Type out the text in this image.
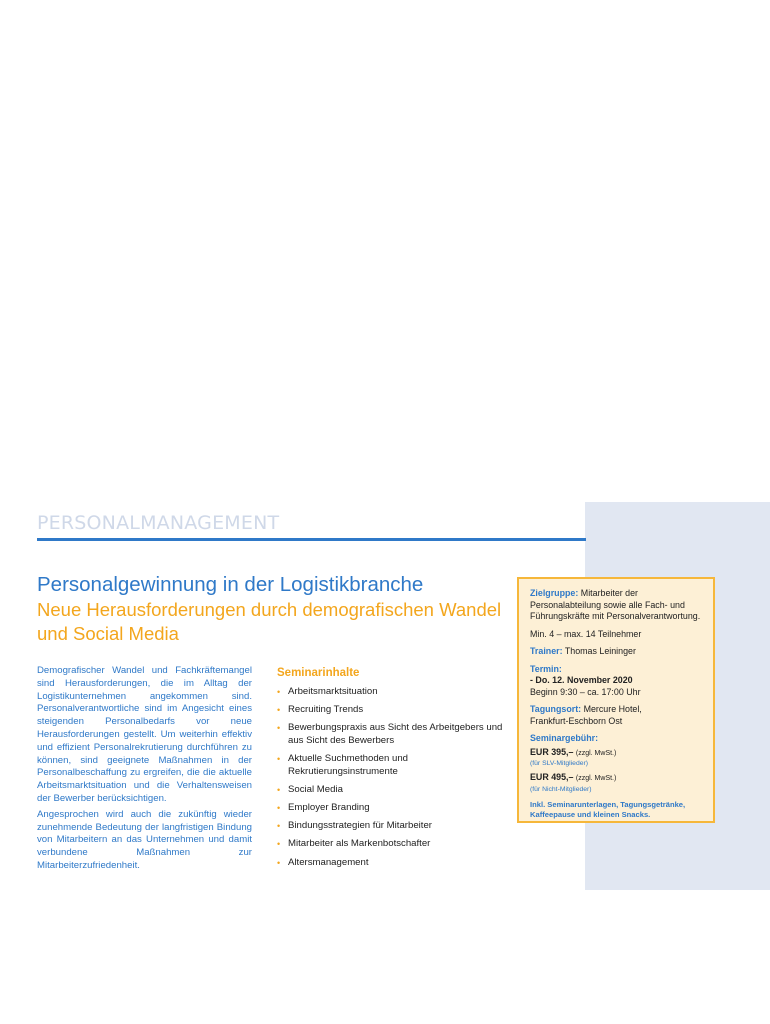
PERSONALMANAGEMENT
Personalgewinnung in der Logistikbranche
Neue Herausforderungen durch demografischen Wandel und Social Media

Demografischer Wandel und Fachkräftemangel sind Herausforderungen, die im Alltag der Logistikunternehmen angekommen sind. Personalverantwortliche sind im Angesicht eines steigenden Personalbedarfs vor neue Herausforderungen gestellt. Um weiterhin effektiv und effizient Personalrekrutierung durchführen zu können, sind geeignete Maßnahmen in der Personalbeschaffung zu ergreifen, die die aktuelle Arbeitsmarktsituation und die Verhaltensweisen der Bewerber berücksichtigen.

Angesprochen wird auch die zukünftig wieder zunehmende Bedeutung der langfristigen Bindung von Mitarbeitern an das Unternehmen und damit verbundene Maßnahmen zur Mitarbeiterzufriedenheit.

Seminarinhalte
• Arbeitsmarktsituation
• Recruiting Trends
• Bewerbungspraxis aus Sicht des Arbeitgebers und aus Sicht des Bewerbers
• Aktuelle Suchmethoden und Rekrutierungsinstrumente
• Social Media
• Employer Branding
• Bindungsstrategien für Mitarbeiter
• Mitarbeiter als Markenbotschafter
• Altersmanagement
Zielgruppe: Mitarbeiter der Personalabteilung sowie alle Fach- und Führungskräfte mit Personalverantwortung.
Min. 4 – max. 14 Teilnehmer
Trainer: Thomas Leininger
Termin:
- Do. 12. November 2020
Beginn 9:30 – ca. 17:00 Uhr
Tagungsort: Mercure Hotel,
Frankfurt-Eschborn Ost
Seminargebühr:
EUR 395,– (zzgl. MwSt.)
(für SLV-Mitglieder)
EUR 495,– (zzgl. MwSt.)
(für Nicht-Mitglieder)
Inkl. Seminarunterlagen, Tagungsgetränke, Kaffeepause und kleinen Snacks.
